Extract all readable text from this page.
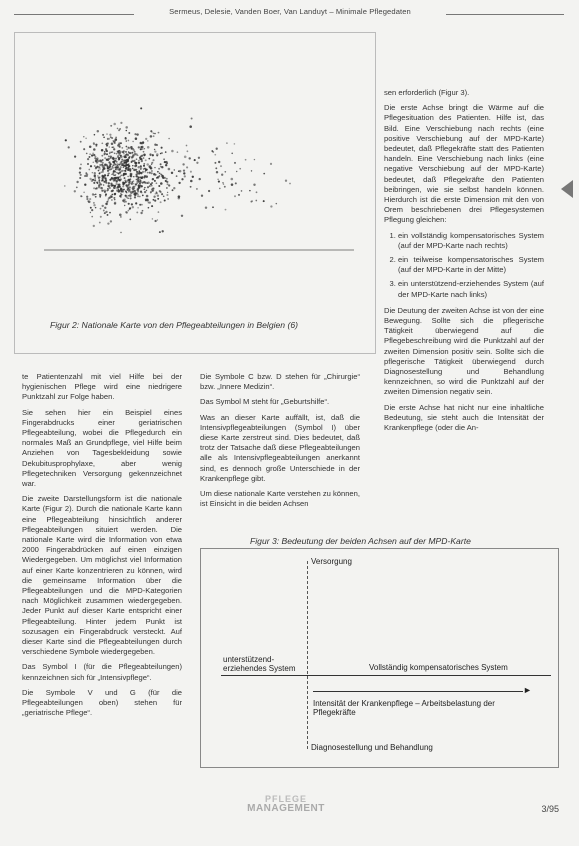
Sermeus, Delesie, Vanden Boer, Van Landuyt – Minimale Pflegedaten
Figur 2: Nationale Karte von den Pflegeabteilungen in Belgien (6)

te Patientenzahl mit viel Hilfe bei der hygienischen Pflege wird eine niedrigere Punktzahl zur Folge haben.

Sie sehen hier ein Beispiel eines Fingerabdrucks einer geriatrischen Pflegeabteilung, wobei die Pflegedurch ein normales Maß an Grundpflege, viel Hilfe beim Anziehen von Tagesbekleidung sowie Dekubitusprophylaxe, aber wenig Pflegetechniken Versorgung gekennzeichnet war.

Die zweite Darstellungsform ist die nationale Karte (Figur 2). Durch die nationale Karte kann eine Pflegeabteilung hinsichtlich anderer Pflegeabteilungen situiert werden. Die nationale Karte wird die Information von etwa 2000 Fingerabdrücken auf einen einzigen Wiedergegeben. Um möglichst viel Information auf einer Karte konzentrieren zu können, wird die gemeinsame Information über die Pflegeabteilungen und die MPD-Kategorien nach Möglichkeit zusammen wiedergegeben. Jeder Punkt auf dieser Karte entspricht einer Pflegeabteilung. Hinter jedem Punkt ist sozusagen ein Fingerabdruck versteckt. Auf dieser Karte sind die Pflegeabteilungen durch verschiedene Symbole wiedergegeben.

Das Symbol I (für die Pflegeabteilungen) kennzeichnen sich für „Intensivpflege“.

Die Symbole V und G (für die Pflegeabteilungen oben) stehen für „geriatrische Pflege“.

Die Symbole C bzw. D stehen für „Chirurgie“ bzw. „Innere Medizin“.

Das Symbol M steht für „Geburtshilfe“.

Was an dieser Karte auffällt, ist, daß die Intensivpflegeabteilungen (Symbol I) über diese Karte zerstreut sind. Dies bedeutet, daß trotz der Tatsache daß diese Pflegeabteilungen alle als Intensivpflegeabteilungen anerkannt sind, es dennoch große Unterschiede in der Krankenpflege gibt.

Um diese nationale Karte verstehen zu können, ist Einsicht in die beiden Achsen

sen erforderlich (Figur 3).

Die erste Achse bringt die Wärme auf die Pflegesituation des Patienten. Hilfe ist, das Bild. Eine Verschiebung nach rechts (eine positive Verschiebung auf der MPD-Karte) bedeutet, daß Pflegekräfte statt des Patienten handeln. Eine Verschiebung nach links (eine negative Verschiebung auf der MPD-Karte) bedeutet, daß Pflegekräfte den Patienten beibringen, wie sie selbst handeln können. Hierdurch ist die erste Dimension mit den von Orem beschriebenen drei Pflegesystemen Pflegung gleichen:

1. ein vollständig kompensatorisches System (auf der MPD-Karte nach rechts)
2. ein teilweise kompensatorisches System (auf der MPD-Karte in der Mitte)
3. ein unterstützend-erziehendes System (auf der MPD-Karte nach links)

Die Deutung der zweiten Achse ist von der eine Bewegung. Sollte sich die pflegerische Tätigkeit überwiegend auf die Pflegebeschreibung wird die Punktzahl auf der zweiten Dimension positiv sein. Sollte sich die pflegerische Tätigkeit überwiegend durch Diagnosestellung und Behandlung kennzeichnen, so wird die Punktzahl auf der zweiten Dimension negativ sein.

Die erste Achse hat nicht nur eine inhaltliche Bedeutung, sie steht auch die Intensität der Krankenpflege (oder die An-

Figur 3: Bedeutung der beiden Achsen auf der MPD-Karte
Versorgung
unterstützend-erziehendes System	Vollständig kompensatorisches System
►
Intensität der Krankenpflege – Arbeitsbelastung der Pflegekräfte
Diagnosestellung und Behandlung
PFLEGE
MANAGEMENT	3/95
